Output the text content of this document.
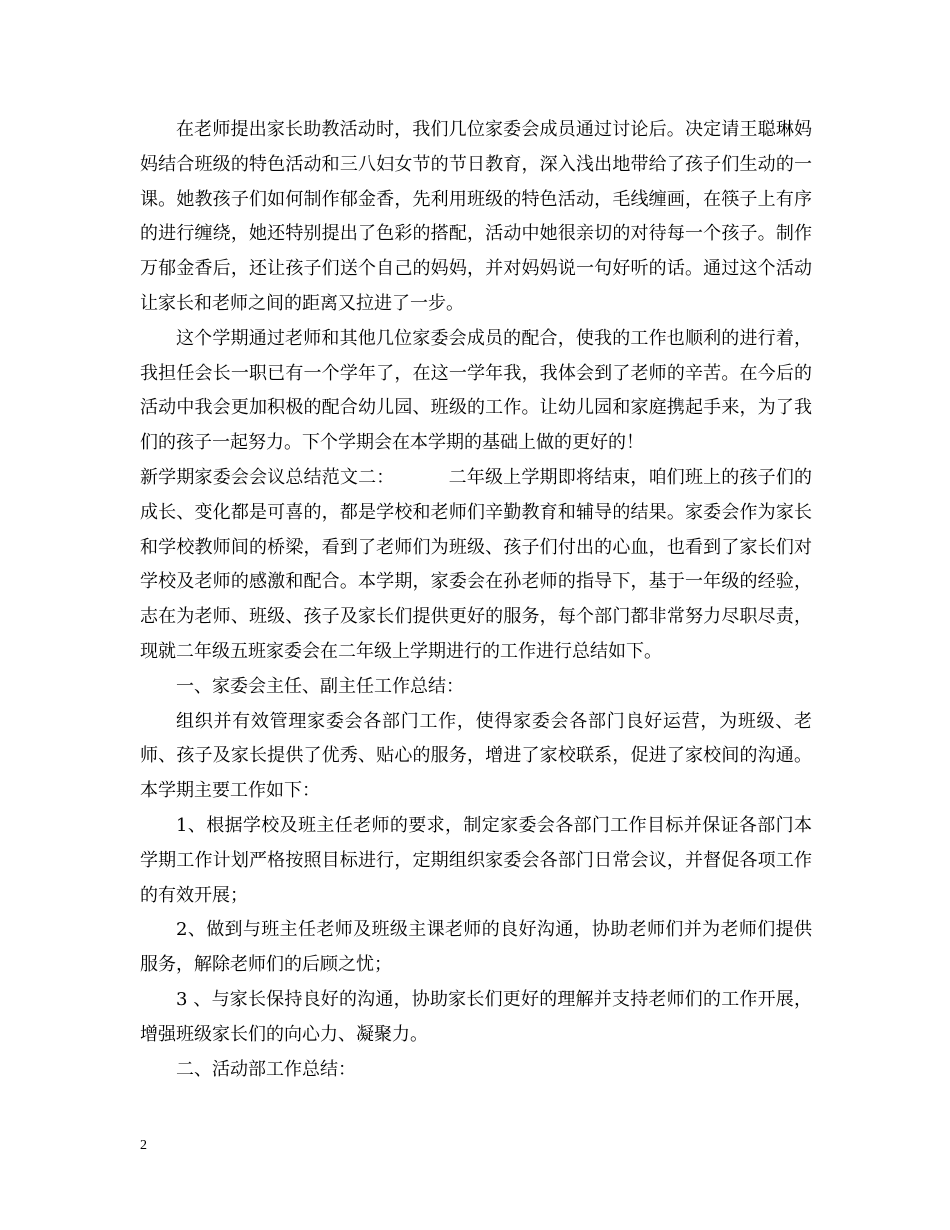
在老师提出家长助教活动时，我们几位家委会成员通过讨论后。决定请王聪琳妈妈结合班级的特色活动和三八妇女节的节日教育，深入浅出地带给了孩子们生动的一课。她教孩子们如何制作郁金香，先利用班级的特色活动，毛线缠画，在筷子上有序的进行缠绕，她还特别提出了色彩的搭配，活动中她很亲切的对待每一个孩子。制作万郁金香后，还让孩子们送个自己的妈妈，并对妈妈说一句好听的话。通过这个活动让家长和老师之间的距离又拉进了一步。

这个学期通过老师和其他几位家委会成员的配合，使我的工作也顺利的进行着，我担任会长一职已有一个学年了，在这一学年我，我体会到了老师的辛苦。在今后的活动中我会更加积极的配合幼儿园、班级的工作。让幼儿园和家庭携起手来，为了我们的孩子一起努力。下个学期会在本学期的基础上做的更好的！

新学期家委会会议总结范文二：	二年级上学期即将结束，咱们班上的孩子们的成长、变化都是可喜的，都是学校和老师们辛勤教育和辅导的结果。家委会作为家长和学校教师间的桥梁，看到了老师们为班级、孩子们付出的心血，也看到了家长们对学校及老师的感激和配合。本学期，家委会在孙老师的指导下，基于一年级的经验，志在为老师、班级、孩子及家长们提供更好的服务，每个部门都非常努力尽职尽责，现就二年级五班家委会在二年级上学期进行的工作进行总结如下。

一、家委会主任、副主任工作总结：

组织并有效管理家委会各部门工作，使得家委会各部门良好运营，为班级、老师、孩子及家长提供了优秀、贴心的服务，增进了家校联系，促进了家校间的沟通。本学期主要工作如下：

1、根据学校及班主任老师的要求，制定家委会各部门工作目标并保证各部门本学期工作计划严格按照目标进行，定期组织家委会各部门日常会议，并督促各项工作的有效开展；

2、做到与班主任老师及班级主课老师的良好沟通，协助老师们并为老师们提供服务，解除老师们的后顾之忧；

3 、与家长保持良好的沟通，协助家长们更好的理解并支持老师们的工作开展，增强班级家长们的向心力、凝聚力。

二、活动部工作总结：

2
